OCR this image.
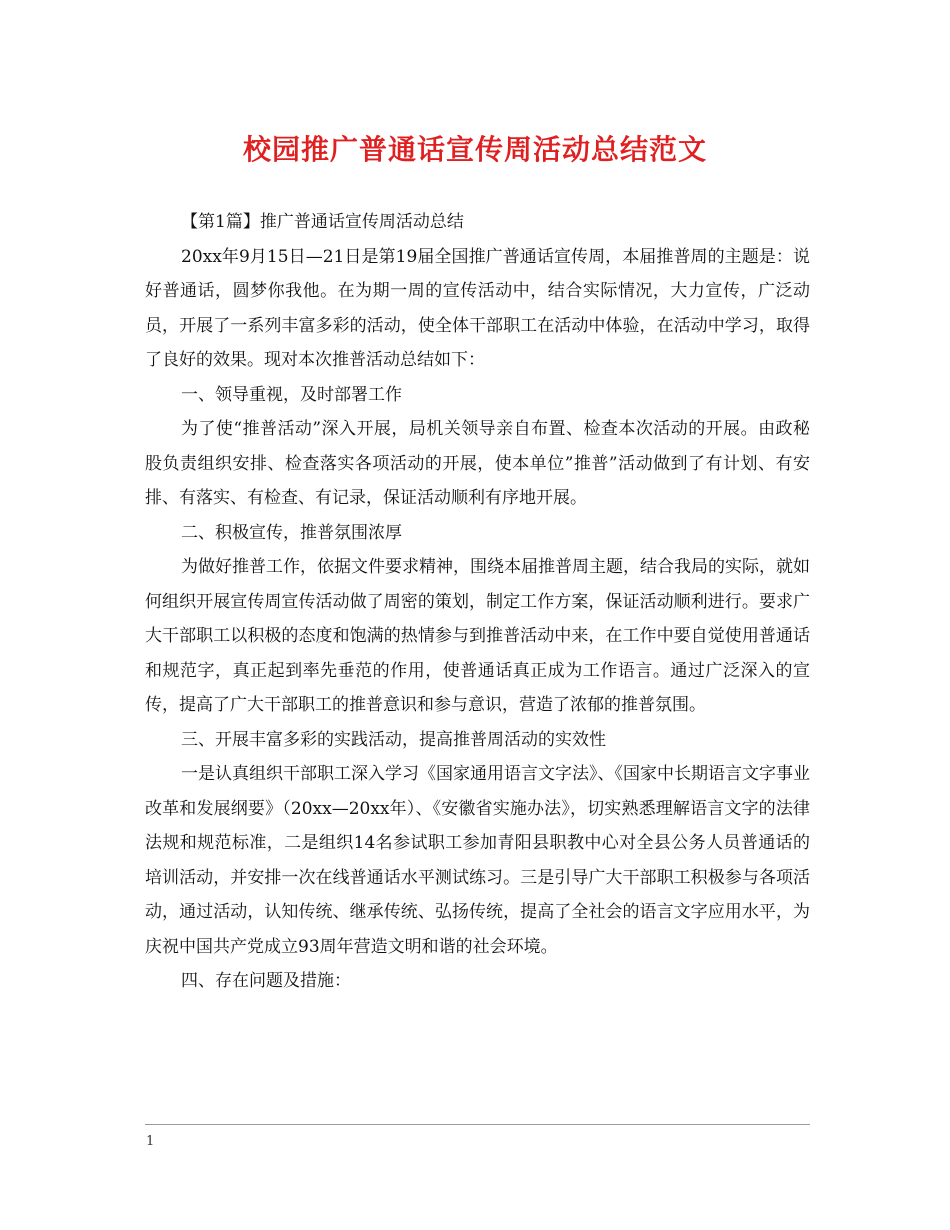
校园推广普通话宣传周活动总结范文

【第1篇】推广普通话宣传周活动总结

20xx年9月15日—21日是第19届全国推广普通话宣传周，本届推普周的主题是：说好普通话，圆梦你我他。在为期一周的宣传活动中，结合实际情况，大力宣传，广泛动员，开展了一系列丰富多彩的活动，使全体干部职工在活动中体验，在活动中学习，取得了良好的效果。现对本次推普活动总结如下：

一、领导重视，及时部署工作

为了使“推普活动”深入开展，局机关领导亲自布置、检查本次活动的开展。由政秘股负责组织安排、检查落实各项活动的开展，使本单位”推普”活动做到了有计划、有安排、有落实、有检查、有记录，保证活动顺利有序地开展。

二、积极宣传，推普氛围浓厚

为做好推普工作，依据文件要求精神，围绕本届推普周主题，结合我局的实际，就如何组织开展宣传周宣传活动做了周密的策划，制定工作方案，保证活动顺利进行。要求广大干部职工以积极的态度和饱满的热情参与到推普活动中来，在工作中要自觉使用普通话和规范字，真正起到率先垂范的作用，使普通话真正成为工作语言。通过广泛深入的宣传，提高了广大干部职工的推普意识和参与意识，营造了浓郁的推普氛围。

三、开展丰富多彩的实践活动，提高推普周活动的实效性

一是认真组织干部职工深入学习《国家通用语言文字法》、《国家中长期语言文字事业改革和发展纲要》（20xx—20xx年）、《安徽省实施办法》，切实熟悉理解语言文字的法律法规和规范标准，二是组织14名参试职工参加青阳县职教中心对全县公务人员普通话的培训活动，并安排一次在线普通话水平测试练习。三是引导广大干部职工积极参与各项活动，通过活动，认知传统、继承传统、弘扬传统，提高了全社会的语言文字应用水平，为庆祝中国共产党成立93周年营造文明和谐的社会环境。

四、存在问题及措施：

1
